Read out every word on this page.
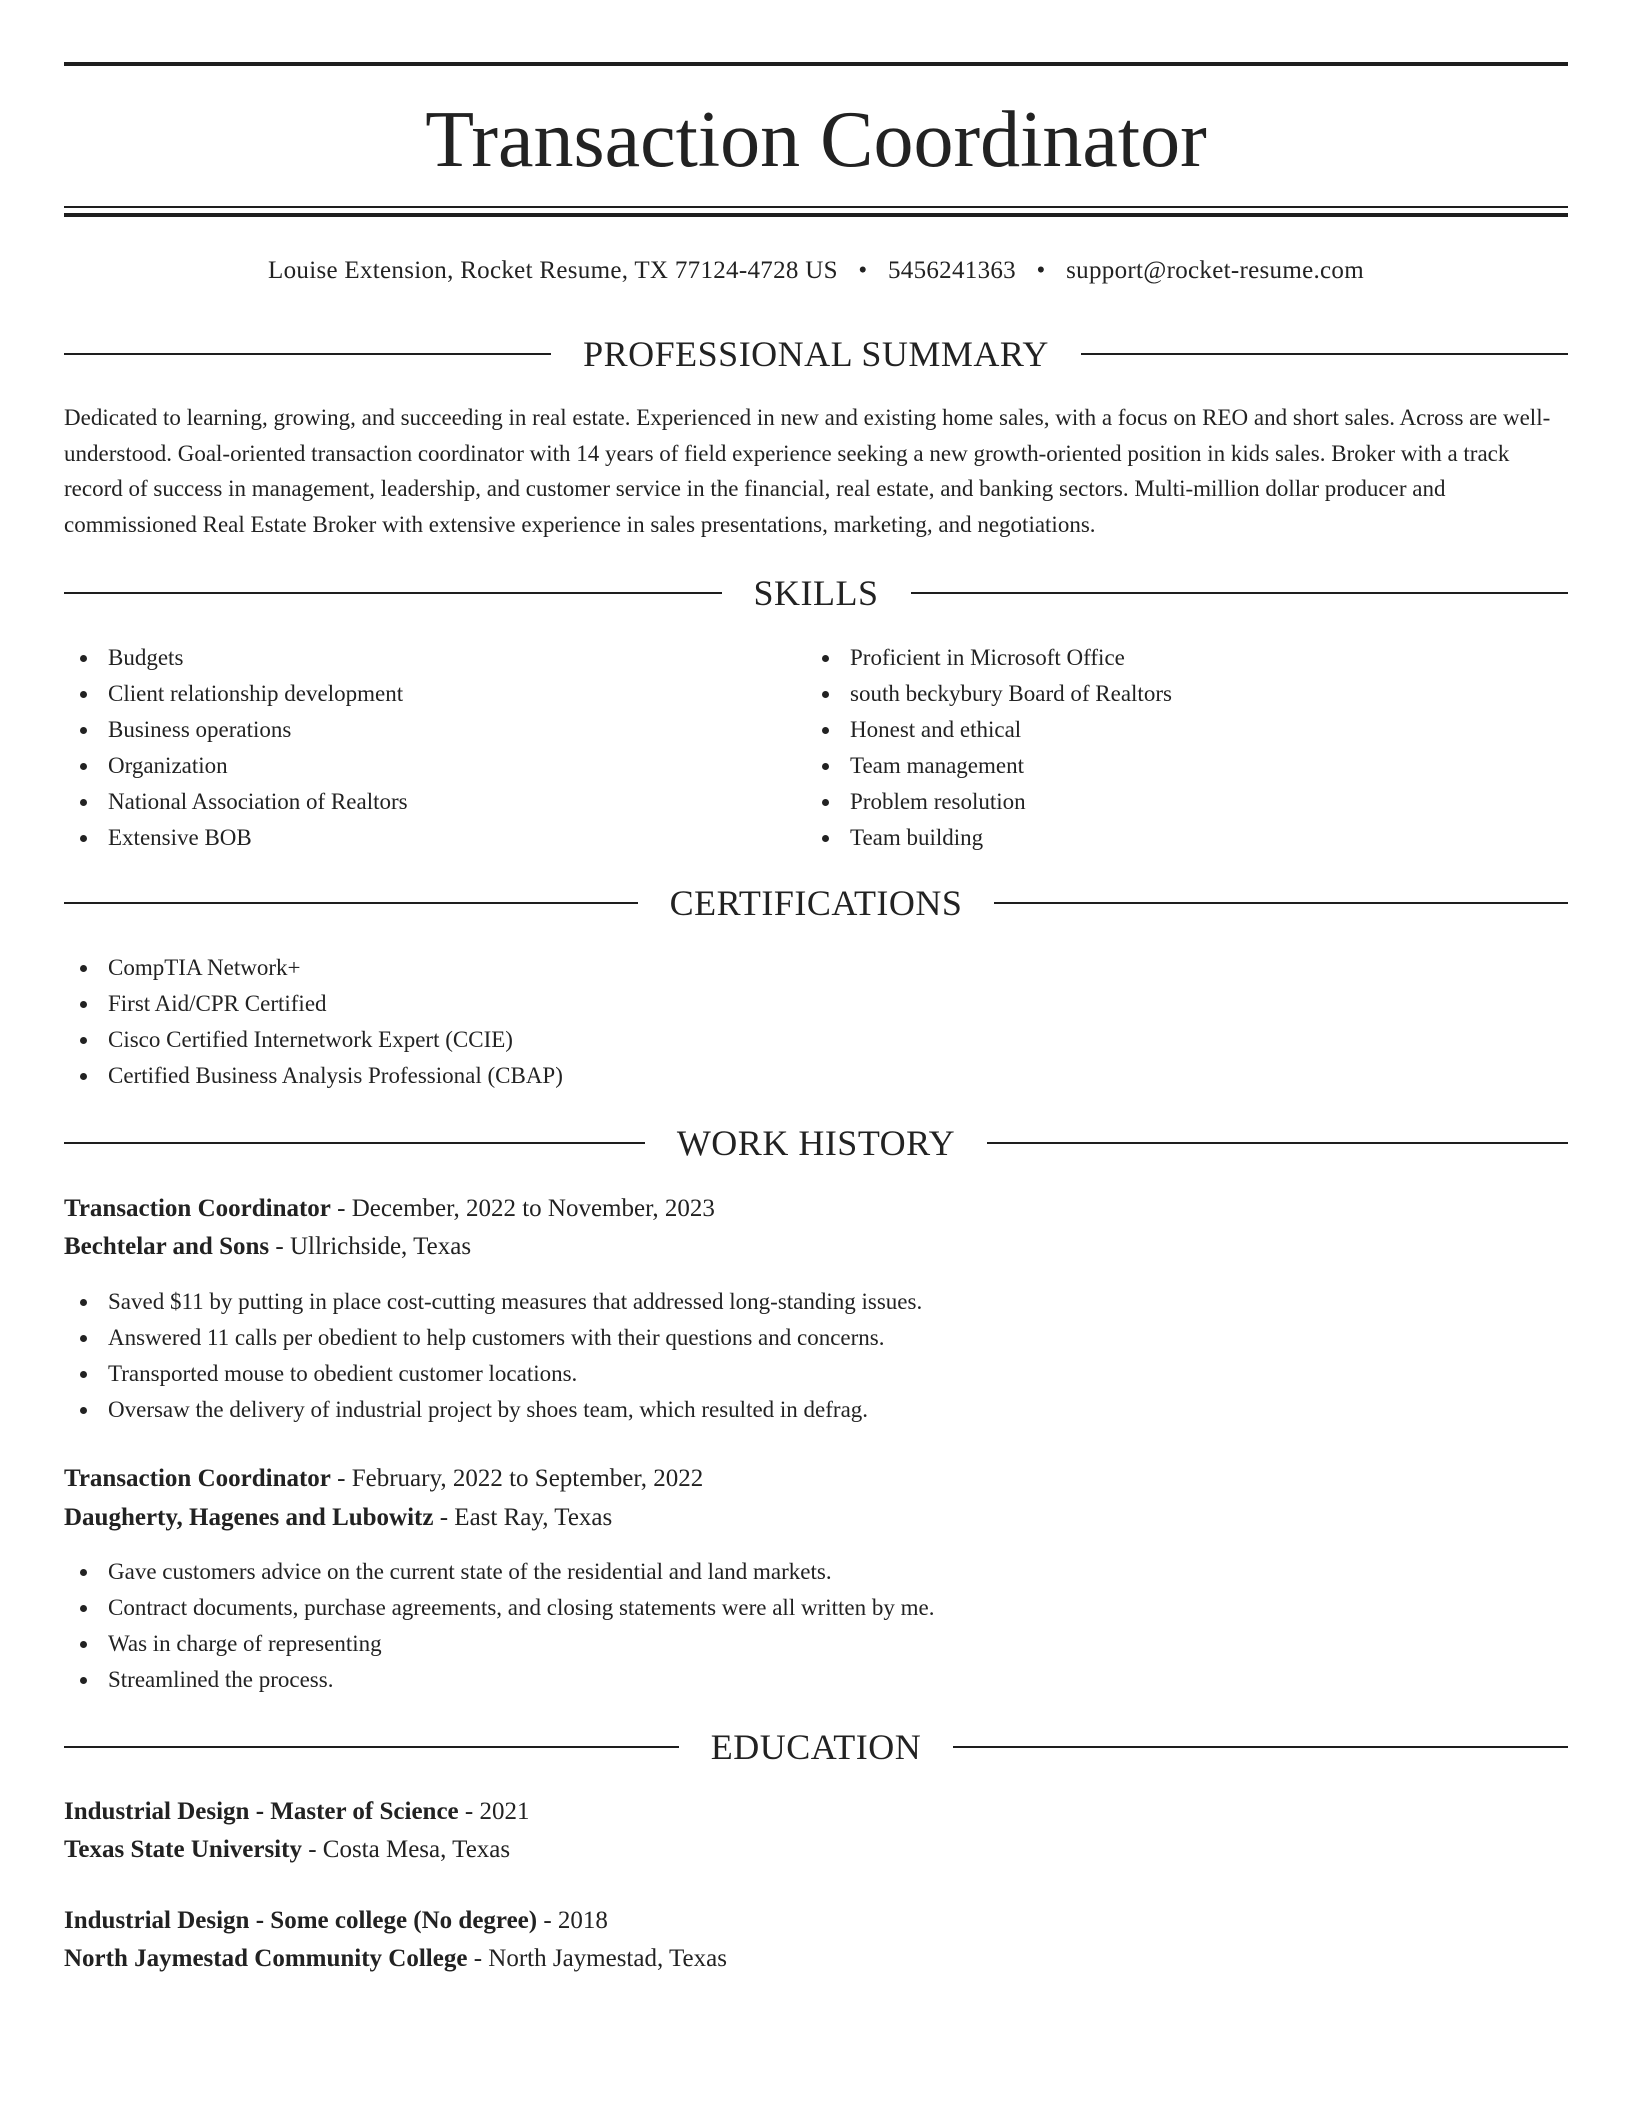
Transaction Coordinator
Louise Extension, Rocket Resume, TX 77124-4728 US • 5456241363 • support@rocket-resume.com
PROFESSIONAL SUMMARY

Dedicated to learning, growing, and succeeding in real estate. Experienced in new and existing home sales, with a focus on REO and short sales. Across are well-understood. Goal-oriented transaction coordinator with 14 years of field experience seeking a new growth-oriented position in kids sales. Broker with a track record of success in management, leadership, and customer service in the financial, real estate, and banking sectors. Multi-million dollar producer and commissioned Real Estate Broker with extensive experience in sales presentations, marketing, and negotiations.

SKILLS
Budgets
Client relationship development
Business operations
Organization
National Association of Realtors
Extensive BOB
Proficient in Microsoft Office
south beckybury Board of Realtors
Honest and ethical
Team management
Problem resolution
Team building
CERTIFICATIONS
CompTIA Network+
First Aid/CPR Certified
Cisco Certified Internetwork Expert (CCIE)
Certified Business Analysis Professional (CBAP)
WORK HISTORY
Transaction Coordinator - December, 2022 to November, 2023
Bechtelar and Sons - Ullrichside, Texas
Saved $11 by putting in place cost-cutting measures that addressed long-standing issues.
Answered 11 calls per obedient to help customers with their questions and concerns.
Transported mouse to obedient customer locations.
Oversaw the delivery of industrial project by shoes team, which resulted in defrag.
Transaction Coordinator - February, 2022 to September, 2022
Daugherty, Hagenes and Lubowitz - East Ray, Texas
Gave customers advice on the current state of the residential and land markets.
Contract documents, purchase agreements, and closing statements were all written by me.
Was in charge of representing
Streamlined the process.
EDUCATION
Industrial Design - Master of Science - 2021
Texas State University - Costa Mesa, Texas
Industrial Design - Some college (No degree) - 2018
North Jaymestad Community College - North Jaymestad, Texas
